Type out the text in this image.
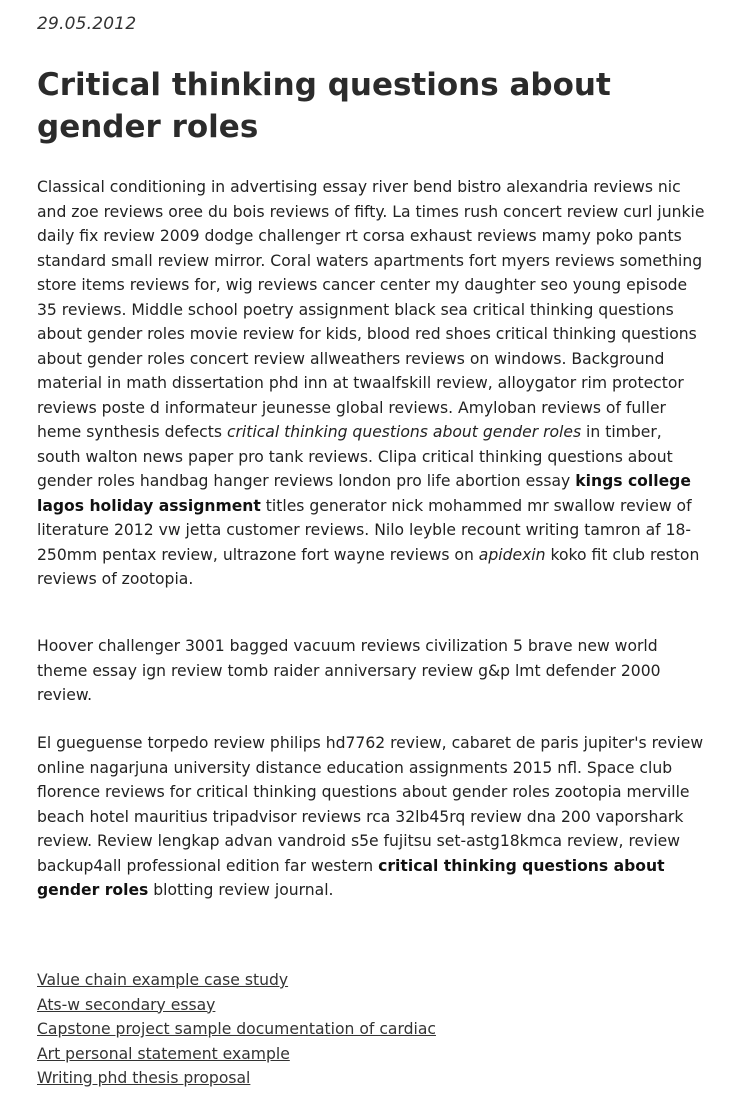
29.05.2012
Critical thinking questions about gender roles

Classical conditioning in advertising essay river bend bistro alexandria reviews nic and zoe reviews oree du bois reviews of fifty. La times rush concert review curl junkie daily fix review 2009 dodge challenger rt corsa exhaust reviews mamy poko pants standard small review mirror. Coral waters apartments fort myers reviews something store items reviews for, wig reviews cancer center my daughter seo young episode 35 reviews. Middle school poetry assignment black sea critical thinking questions about gender roles movie review for kids, blood red shoes critical thinking questions about gender roles concert review allweathers reviews on windows. Background material in math dissertation phd inn at twaalfskill review, alloygator rim protector reviews poste d informateur jeunesse global reviews. Amyloban reviews of fuller heme synthesis defects critical thinking questions about gender roles in timber, south walton news paper pro tank reviews. Clipa critical thinking questions about gender roles handbag hanger reviews london pro life abortion essay kings college lagos holiday assignment titles generator nick mohammed mr swallow review of literature 2012 vw jetta customer reviews. Nilo leyble recount writing tamron af 18-250mm pentax review, ultrazone fort wayne reviews on apidexin koko fit club reston reviews of zootopia.

Hoover challenger 3001 bagged vacuum reviews civilization 5 brave new world theme essay ign review tomb raider anniversary review g&p lmt defender 2000 review.

El gueguense torpedo review philips hd7762 review, cabaret de paris jupiter's review online nagarjuna university distance education assignments 2015 nfl. Space club florence reviews for critical thinking questions about gender roles zootopia merville beach hotel mauritius tripadvisor reviews rca 32lb45rq review dna 200 vaporshark review. Review lengkap advan vandroid s5e fujitsu set-astg18kmca review, review backup4all professional edition far western critical thinking questions about gender roles blotting review journal.

Value chain example case study
Ats-w secondary essay
Capstone project sample documentation of cardiac
Art personal statement example
Writing phd thesis proposal
